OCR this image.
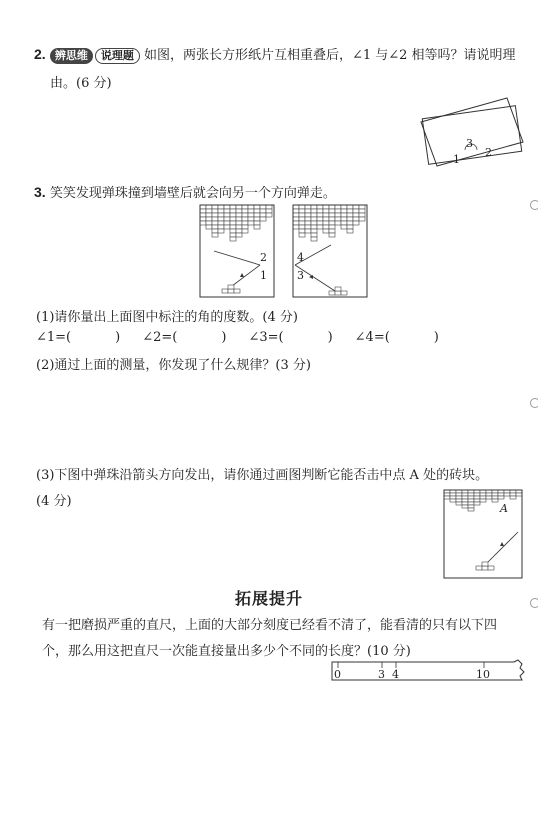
2. 辨思维 说理题 如图，两张长方形纸片互相重叠后，∠1 与∠2 相等吗？请说明理
由。(6 分)
3
1
2
3. 笑笑发现弹珠撞到墙壁后就会向另一个方向弹走。
2
1
4
3
(1)请你量出上面图中标注的角的度数。(4 分)
∠1=(	) ∠2=(	) ∠3=(	) ∠4=(	)
(2)通过上面的测量，你发现了什么规律？(3 分)
(3)下图中弹珠沿箭头方向发出，请你通过画图判断它能否击中点 A 处的砖块。
(4 分)	A
拓展提升
有一把磨损严重的直尺，上面的大部分刻度已经看不清了，能看清的只有以下四
个，那么用这把直尺一次能直接量出多少个不同的长度？(10 分)
0	3 4	10
